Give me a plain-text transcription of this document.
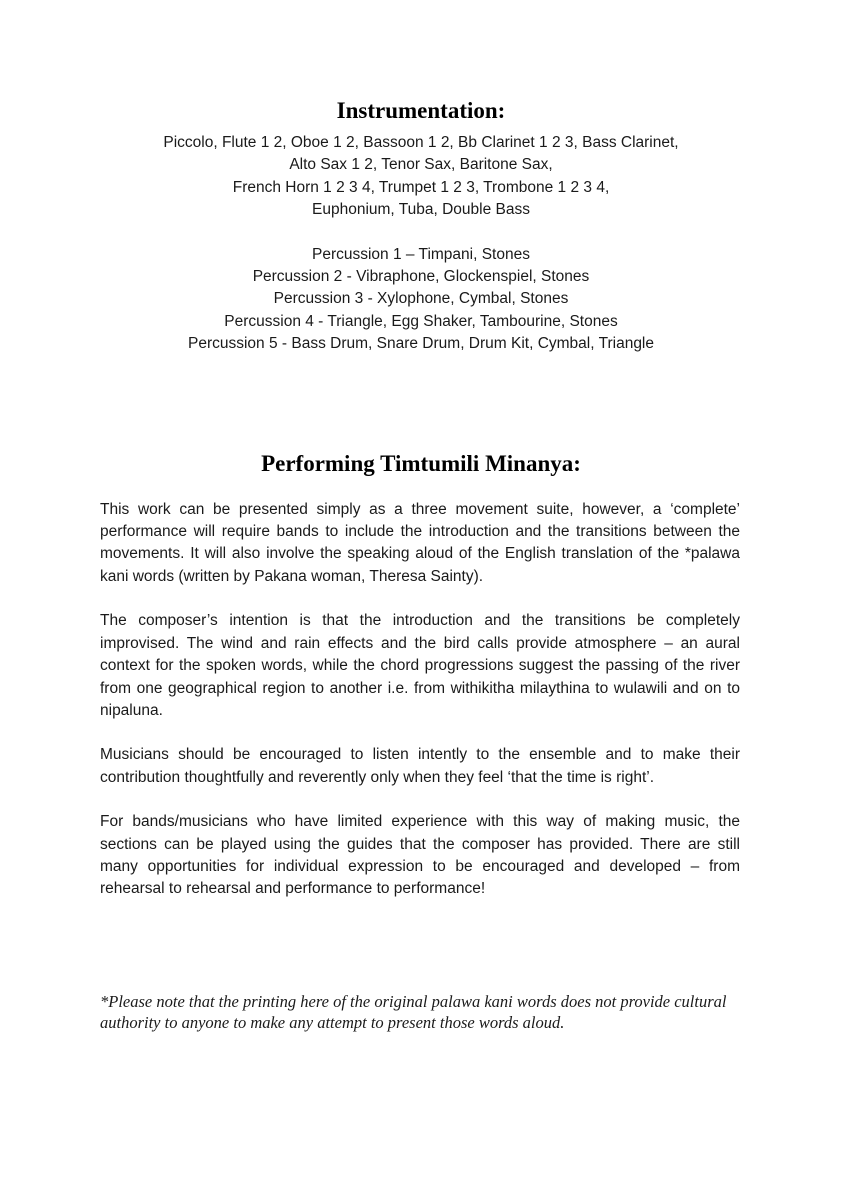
Instrumentation:
Piccolo, Flute 1 2, Oboe 1 2, Bassoon 1 2, Bb Clarinet 1 2 3, Bass Clarinet,
Alto Sax 1 2, Tenor Sax, Baritone Sax,
French Horn 1 2 3 4, Trumpet 1 2 3, Trombone 1 2 3 4,
Euphonium, Tuba, Double Bass
Percussion 1 – Timpani, Stones
Percussion 2 - Vibraphone, Glockenspiel, Stones
Percussion 3 - Xylophone, Cymbal, Stones
Percussion 4 - Triangle, Egg Shaker, Tambourine, Stones
Percussion 5 - Bass Drum, Snare Drum, Drum Kit, Cymbal, Triangle
Performing Timtumili Minanya:

This work can be presented simply as a three movement suite, however, a ‘complete’ performance will require bands to include the introduction and the transitions between the movements. It will also involve the speaking aloud of the English translation of the *palawa kani words (written by Pakana woman, Theresa Sainty).

The composer’s intention is that the introduction and the transitions be completely improvised. The wind and rain effects and the bird calls provide atmosphere – an aural context for the spoken words, while the chord progressions suggest the passing of the river from one geographical region to another i.e. from withikitha milaythina to wulawili and on to nipaluna.

Musicians should be encouraged to listen intently to the ensemble and to make their contribution thoughtfully and reverently only when they feel ‘that the time is right’.

For bands/musicians who have limited experience with this way of making music, the sections can be played using the guides that the composer has provided. There are still many opportunities for individual expression to be encouraged and developed – from rehearsal to rehearsal and performance to performance!

*Please note that the printing here of the original palawa kani words does not provide cultural authority to anyone to make any attempt to present those words aloud.
